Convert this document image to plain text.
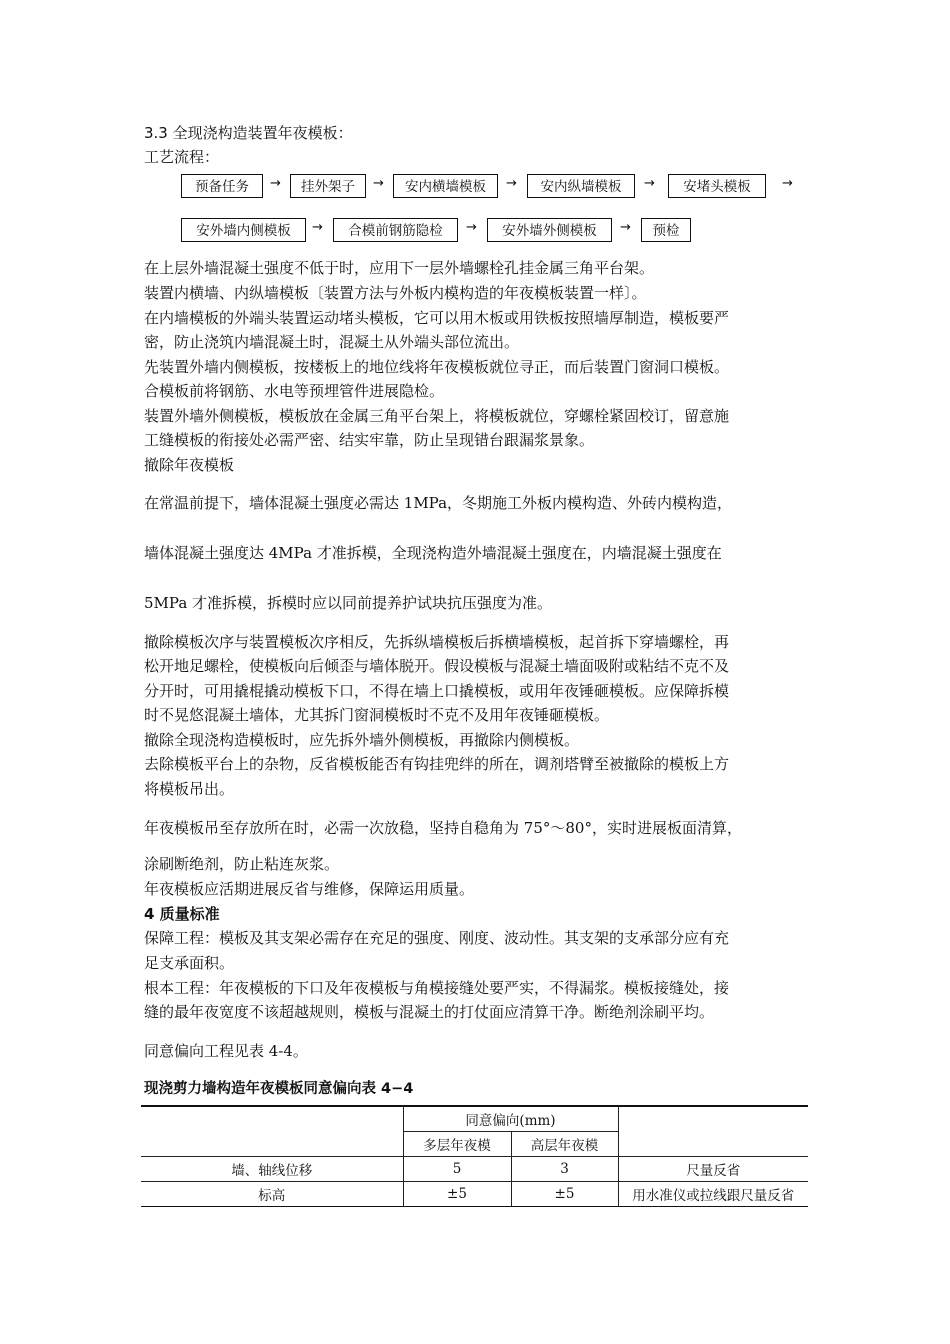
3.3 全现浇构造装置年夜模板：
工艺流程：
预备任务	→	挂外架子	→	安内横墙模板	→	安内纵墙模板	→	安堵头模板	→
安外墙内侧模板	→	合模前钢筋隐检	→	安外墙外侧模板	→	预检
在上层外墙混凝土强度不低于时，应用下一层外墙螺栓孔挂金属三角平台架。
装置内横墙、内纵墙模板〔装置方法与外板内模构造的年夜模板装置一样〕。
在内墙模板的外端头装置运动堵头模板，它可以用木板或用铁板按照墙厚制造，模板要严
密，防止浇筑内墙混凝土时，混凝土从外端头部位流出。
先装置外墙内侧模板，按楼板上的地位线将年夜模板就位寻正，而后装置门窗洞口模板。
合模板前将钢筋、水电等预埋管件进展隐检。
装置外墙外侧模板，模板放在金属三角平台架上，将模板就位，穿螺栓紧固校订，留意施
工缝模板的衔接处必需严密、结实牢靠，防止呈现错台跟漏浆景象。
撤除年夜模板
在常温前提下，墙体混凝土强度必需达 1MPa，冬期施工外板内模构造、外砖内模构造，
墙体混凝土强度达 4MPa 才准拆模，全现浇构造外墙混凝土强度在，内墙混凝土强度在
5MPa 才准拆模，拆模时应以同前提养护试块抗压强度为准。
撤除模板次序与装置模板次序相反，先拆纵墙模板后拆横墙模板，起首拆下穿墙螺栓，再
松开地足螺栓，使模板向后倾歪与墙体脱开。假设模板与混凝土墙面吸附或粘结不克不及
分开时，可用撬棍撬动模板下口，不得在墙上口撬模板，或用年夜锤砸模板。应保障拆模
时不晃悠混凝土墙体，尤其拆门窗洞模板时不克不及用年夜锤砸模板。
撤除全现浇构造模板时，应先拆外墙外侧模板，再撤除内侧模板。
去除模板平台上的杂物，反省模板能否有钩挂兜绊的所在，调剂塔臂至被撤除的模板上方
将模板吊出。
年夜模板吊至存放所在时，必需一次放稳，坚持自稳角为 75°～80°，实时进展板面清算，
涂刷断绝剂，防止粘连灰浆。
年夜模板应活期进展反省与维修，保障运用质量。
4 质量标准
保障工程：模板及其支架必需存在充足的强度、刚度、波动性。其支架的支承部分应有充
足支承面积。
根本工程：年夜模板的下口及年夜模板与角模接缝处要严实，不得漏浆。模板接缝处，接
缝的最年夜宽度不该超越规则，模板与混凝土的打仗面应清算干净。断绝剂涂刷平均。
同意偏向工程见表 4-4。
现浇剪力墙构造年夜模板同意偏向表 4−4
	同意偏向(mm)		
	多层年夜模	高层年夜模	
墙、轴线位移	5	3	尺量反省
标高	±5	±5	用水准仪或拉线跟尺量反省
